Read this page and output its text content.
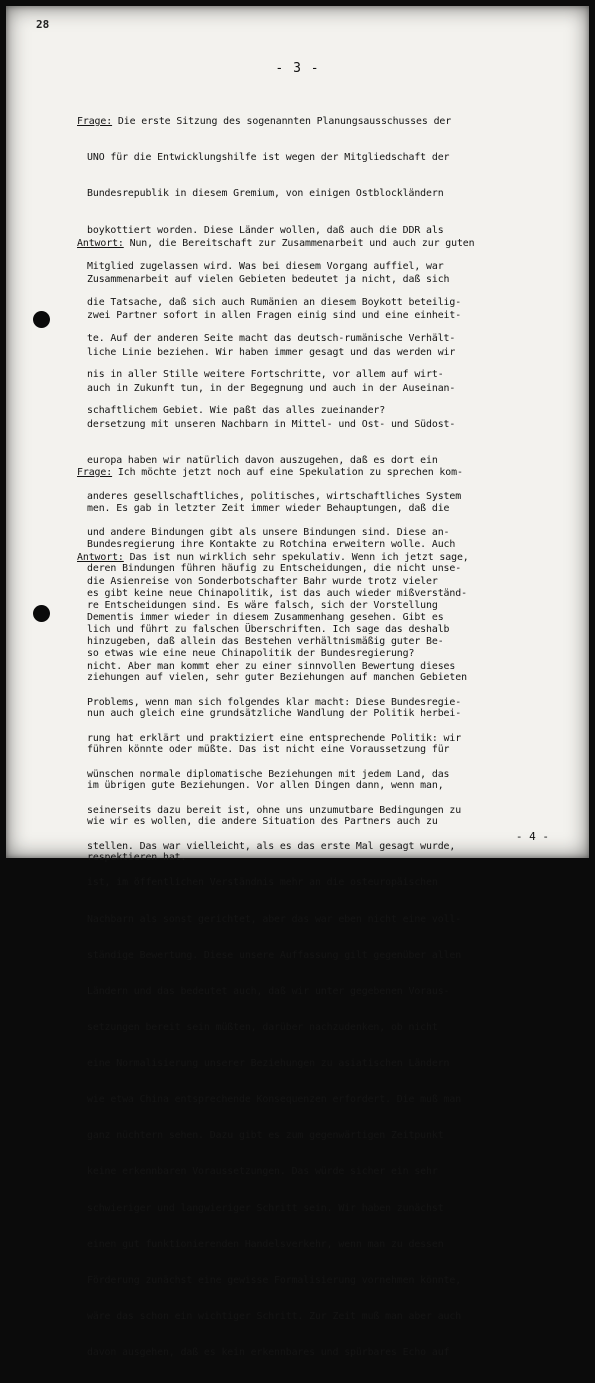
28
- 3 -

Frage: Die erste Sitzung des sogenannten Planungsausschusses der

UNO für die Entwicklungshilfe ist wegen der Mitgliedschaft der

Bundesrepublik in diesem Gremium, von einigen Ostblockländern

boykottiert worden. Diese Länder wollen, daß auch die DDR als

Mitglied zugelassen wird. Was bei diesem Vorgang auffiel, war

die Tatsache, daß sich auch Rumänien an diesem Boykott beteilig-

te. Auf der anderen Seite macht das deutsch-rumänische Verhält-

nis in aller Stille weitere Fortschritte, vor allem auf wirt-

schaftlichem Gebiet. Wie paßt das alles zueinander?

Antwort: Nun, die Bereitschaft zur Zusammenarbeit und auch zur guten

Zusammenarbeit auf vielen Gebieten bedeutet ja nicht, daß sich

zwei Partner sofort in allen Fragen einig sind und eine einheit-

liche Linie beziehen. Wir haben immer gesagt und das werden wir

auch in Zukunft tun, in der Begegnung und auch in der Auseinan-

dersetzung mit unseren Nachbarn in Mittel- und Ost- und Südost-

europa haben wir natürlich davon auszugehen, daß es dort ein

anderes gesellschaftliches, politisches, wirtschaftliches System

und andere Bindungen gibt als unsere Bindungen sind. Diese an-

deren Bindungen führen häufig zu Entscheidungen, die nicht unse-

re Entscheidungen sind. Es wäre falsch, sich der Vorstellung

hinzugeben, daß allein das Bestehen verhältnismäßig guter Be-

ziehungen auf vielen, sehr guter Beziehungen auf manchen Gebieten

nun auch gleich eine grundsätzliche Wandlung der Politik herbei-

führen könnte oder müßte. Das ist nicht eine Voraussetzung für

im übrigen gute Beziehungen. Vor allen Dingen dann, wenn man,

wie wir es wollen, die andere Situation des Partners auch zu

respektieren hat.

Frage: Ich möchte jetzt noch auf eine Spekulation zu sprechen kom-

men. Es gab in letzter Zeit immer wieder Behauptungen, daß die

Bundesregierung ihre Kontakte zu Rotchina erweitern wolle. Auch

die Asienreise von Sonderbotschafter Bahr wurde trotz vieler

Dementis immer wieder in diesem Zusammenhang gesehen. Gibt es

so etwas wie eine neue Chinapolitik der Bundesregierung?

Antwort: Das ist nun wirklich sehr spekulativ. Wenn ich jetzt sage,

es gibt keine neue Chinapolitik, ist das auch wieder mißverständ-

lich und führt zu falschen Überschriften. Ich sage das deshalb

nicht. Aber man kommt eher zu einer sinnvollen Bewertung dieses

Problems, wenn man sich folgendes klar macht: Diese Bundesregie-

rung hat erklärt und praktiziert eine entsprechende Politik: wir

wünschen normale diplomatische Beziehungen mit jedem Land, das

seinerseits dazu bereit ist, ohne uns unzumutbare Bedingungen zu

stellen. Das war vielleicht, als es das erste Mal gesagt wurde,

ist, im öffentlichen Verständnis mehr an die osteuropäischen

Nachbarn als sonst gerichtet, aber das war eben nicht eine voll-

ständige Bewertung. Diese unsere Auffassung gilt gegenüber allen

Ländern und das bedeutet auch, daß wir unter gegebenen Voraus-

setzungen bereit sein müßten, darüber nachzudenken, ob nicht

eine Normalisierung unserer Beziehungen zu asiatischen Ländern

wie etwa China entsprechende Konsequenzen erfordert. Die muß man

ganz nüchtern sehen. Dazu gibt es zum gegenwärtigen Zeitpunkt

keine erkennbaren Voraussetzungen. Das würde sicher ein sehr

schwieriger und langwieriger Schritt sein. Wir haben zunächst

einen gut funktionierenden Handelsverkehr, wenn man zu dessen

Förderung zunächst eine gewisse Formalisierung vornehmen könnte,

wäre das schon ein wichtiger Schritt. Zur Zeit muß man aber auch

davon ausgehen, daß es kein erkennbares und spürbares Echo auf

- 4 -
